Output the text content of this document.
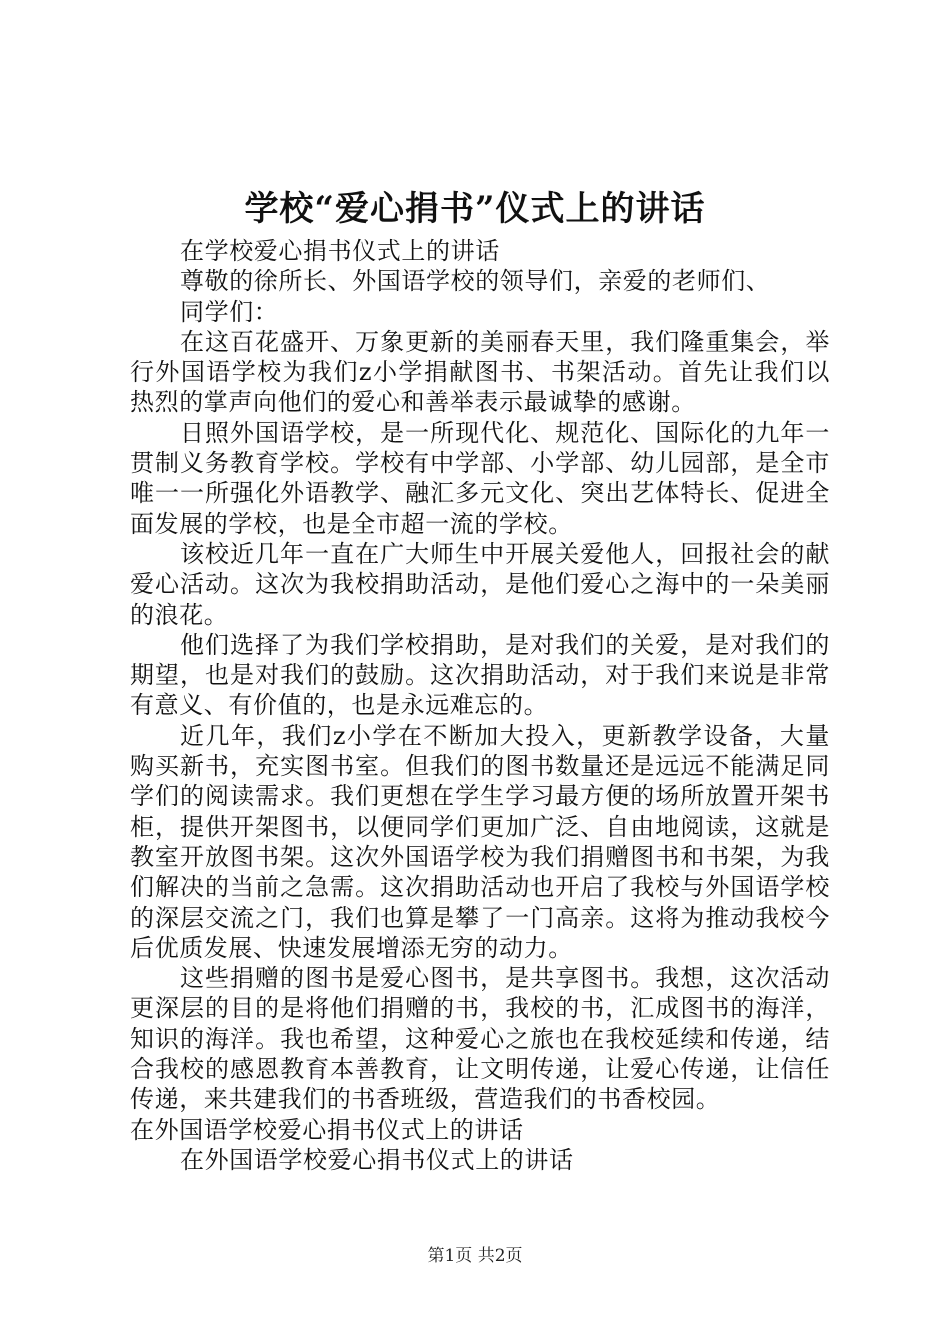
学校“爱心捐书”仪式上的讲话

在学校爱心捐书仪式上的讲话

尊敬的徐所长、外国语学校的领导们，亲爱的老师们、

同学们：

在这百花盛开、万象更新的美丽春天里，我们隆重集会，举行外国语学校为我们z小学捐献图书、书架活动。首先让我们以热烈的掌声向他们的爱心和善举表示最诚挚的感谢。

日照外国语学校，是一所现代化、规范化、国际化的九年一贯制义务教育学校。学校有中学部、小学部、幼儿园部，是全市唯一一所强化外语教学、融汇多元文化、突出艺体特长、促进全面发展的学校，也是全市超一流的学校。

该校近几年一直在广大师生中开展关爱他人，回报社会的献爱心活动。这次为我校捐助活动，是他们爱心之海中的一朵美丽的浪花。

他们选择了为我们学校捐助，是对我们的关爱，是对我们的期望，也是对我们的鼓励。这次捐助活动，对于我们来说是非常有意义、有价值的，也是永远难忘的。

近几年，我们z小学在不断加大投入，更新教学设备，大量购买新书，充实图书室。但我们的图书数量还是远远不能满足同学们的阅读需求。我们更想在学生学习最方便的场所放置开架书柜，提供开架图书，以便同学们更加广泛、自由地阅读，这就是教室开放图书架。这次外国语学校为我们捐赠图书和书架，为我们解决的当前之急需。这次捐助活动也开启了我校与外国语学校的深层交流之门，我们也算是攀了一门高亲。这将为推动我校今后优质发展、快速发展增添无穷的动力。

这些捐赠的图书是爱心图书，是共享图书。我想，这次活动更深层的目的是将他们捐赠的书，我校的书，汇成图书的海洋，知识的海洋。我也希望，这种爱心之旅也在我校延续和传递，结合我校的感恩教育本善教育，让文明传递，让爱心传递，让信任传递，来共建我们的书香班级，营造我们的书香校园。

在外国语学校爱心捐书仪式上的讲话

在外国语学校爱心捐书仪式上的讲话

第1页 共2页
